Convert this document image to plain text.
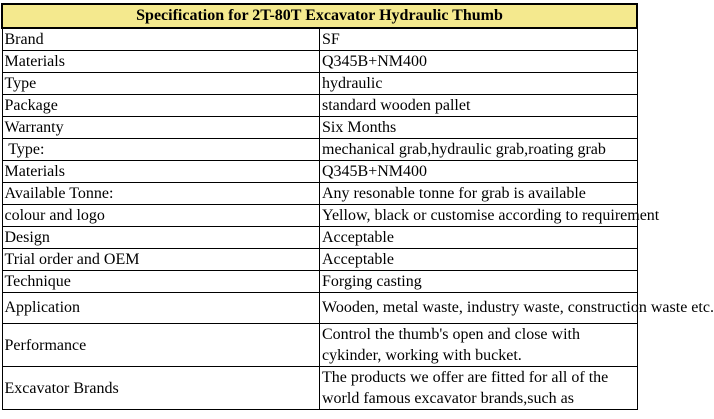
Specification for 2T-80T Excavator Hydraulic Thumb	
Brand	SF
Materials	Q345B+NM400
Type	hydraulic
Package	standard wooden pallet
Warranty	Six Months
Type:	mechanical grab,hydraulic grab,roating grab
Materials	Q345B+NM400
Available Tonne:	Any resonable tonne for grab is available
colour and logo	Yellow, black or customise according to requirement
Design	Acceptable
Trial order and OEM	Acceptable
Technique	Forging casting
Application	Wooden, metal waste, industry waste, construction waste etc.
Performance	Control the thumb's open and close with cykinder, working with bucket.
Excavator Brands	The products we offer are fitted for all of the world famous excavator brands,such as
